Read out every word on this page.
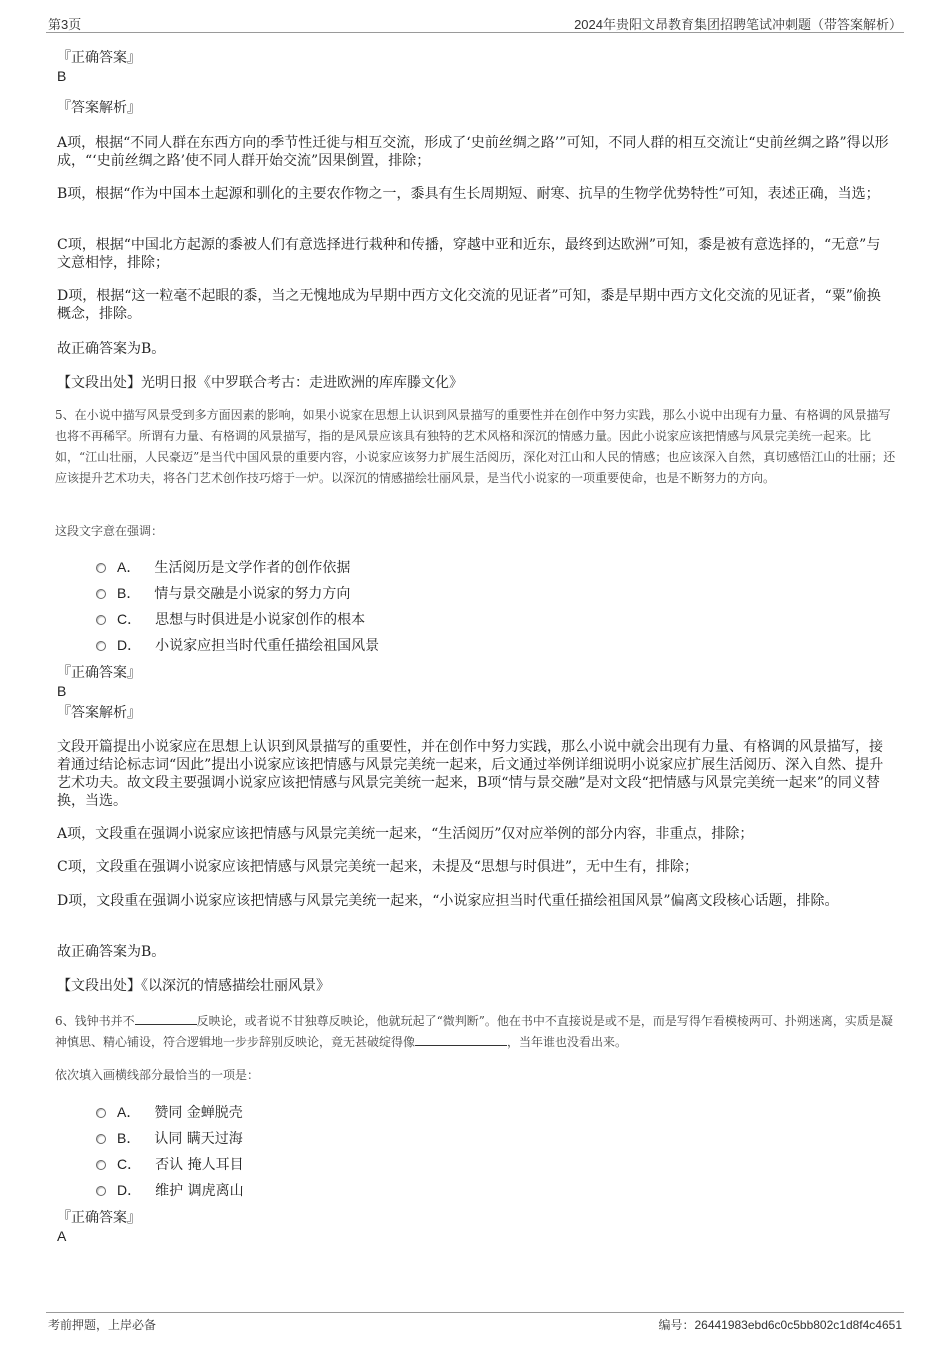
第3页	2024年贵阳文昂教育集团招聘笔试冲刺题（带答案解析）
『正确答案』
B
『答案解析』
A项，根据“不同人群在东西方向的季节性迁徙与相互交流，形成了‘史前丝绸之路’”可知，不同人群的相互交流让“史前丝绸之路”得以形成，“‘史前丝绸之路’使不同人群开始交流”因果倒置，排除；
B项，根据“作为中国本土起源和驯化的主要农作物之一，黍具有生长周期短、耐寒、抗旱的生物学优势特性”可知，表述正确，当选；
C项，根据“中国北方起源的黍被人们有意选择进行栽种和传播，穿越中亚和近东，最终到达欧洲”可知，黍是被有意选择的，“无意”与文意相悖，排除；
D项，根据“这一粒毫不起眼的黍，当之无愧地成为早期中西方文化交流的见证者”可知，黍是早期中西方文化交流的见证者，“粟”偷换概念，排除。
故正确答案为B。
【文段出处】光明日报《中罗联合考古：走进欧洲的库库滕文化》
5、在小说中描写风景受到多方面因素的影响，如果小说家在思想上认识到风景描写的重要性并在创作中努力实践，那么小说中出现有力量、有格调的风景描写也将不再稀罕。所谓有力量、有格调的风景描写，指的是风景应该具有独特的艺术风格和深沉的情感力量。因此小说家应该把情感与风景完美统一起来。比如，“江山壮丽，人民豪迈”是当代中国风景的重要内容，小说家应该努力扩展生活阅历，深化对江山和人民的情感；也应该深入自然，真切感悟江山的壮丽；还应该提升艺术功夫，将各门艺术创作技巧熔于一炉。以深沉的情感描绘壮丽风景，是当代小说家的一项重要使命，也是不断努力的方向。
这段文字意在强调：
A． 生活阅历是文学作者的创作依据
B． 情与景交融是小说家的努力方向
C． 思想与时俱进是小说家创作的根本
D． 小说家应担当时代重任描绘祖国风景
『正确答案』
B
『答案解析』
文段开篇提出小说家应在思想上认识到风景描写的重要性，并在创作中努力实践，那么小说中就会出现有力量、有格调的风景描写，接着通过结论标志词“因此”提出小说家应该把情感与风景完美统一起来，后文通过举例详细说明小说家应扩展生活阅历、深入自然、提升艺术功夫。故文段主要强调小说家应该把情感与风景完美统一起来，B项“情与景交融”是对文段“把情感与风景完美统一起来”的同义替换，当选。
A项，文段重在强调小说家应该把情感与风景完美统一起来，“生活阅历”仅对应举例的部分内容，非重点，排除；
C项，文段重在强调小说家应该把情感与风景完美统一起来，未提及“思想与时俱进”，无中生有，排除；
D项，文段重在强调小说家应该把情感与风景完美统一起来，“小说家应担当时代重任描绘祖国风景”偏离文段核心话题，排除。
故正确答案为B。
【文段出处】《以深沉的情感描绘壮丽风景》
6、钱钟书并不	反映论，或者说不甘独尊反映论，他就玩起了“微判断”。他在书中不直接说是或不是，而是写得乍看模棱两可、扑朔迷离，实质是凝神慎思、精心铺设，符合逻辑地一步步辞别反映论，竟无甚破绽得像	，当年谁也没看出来。
依次填入画横线部分最恰当的一项是：
A． 赞同 金蝉脱壳
B． 认同 瞒天过海
C． 否认 掩人耳目
D． 维护 调虎离山
『正确答案』
A
考前押题，上岸必备	编号：26441983ebd6c0c5bb802c1d8f4c4651
